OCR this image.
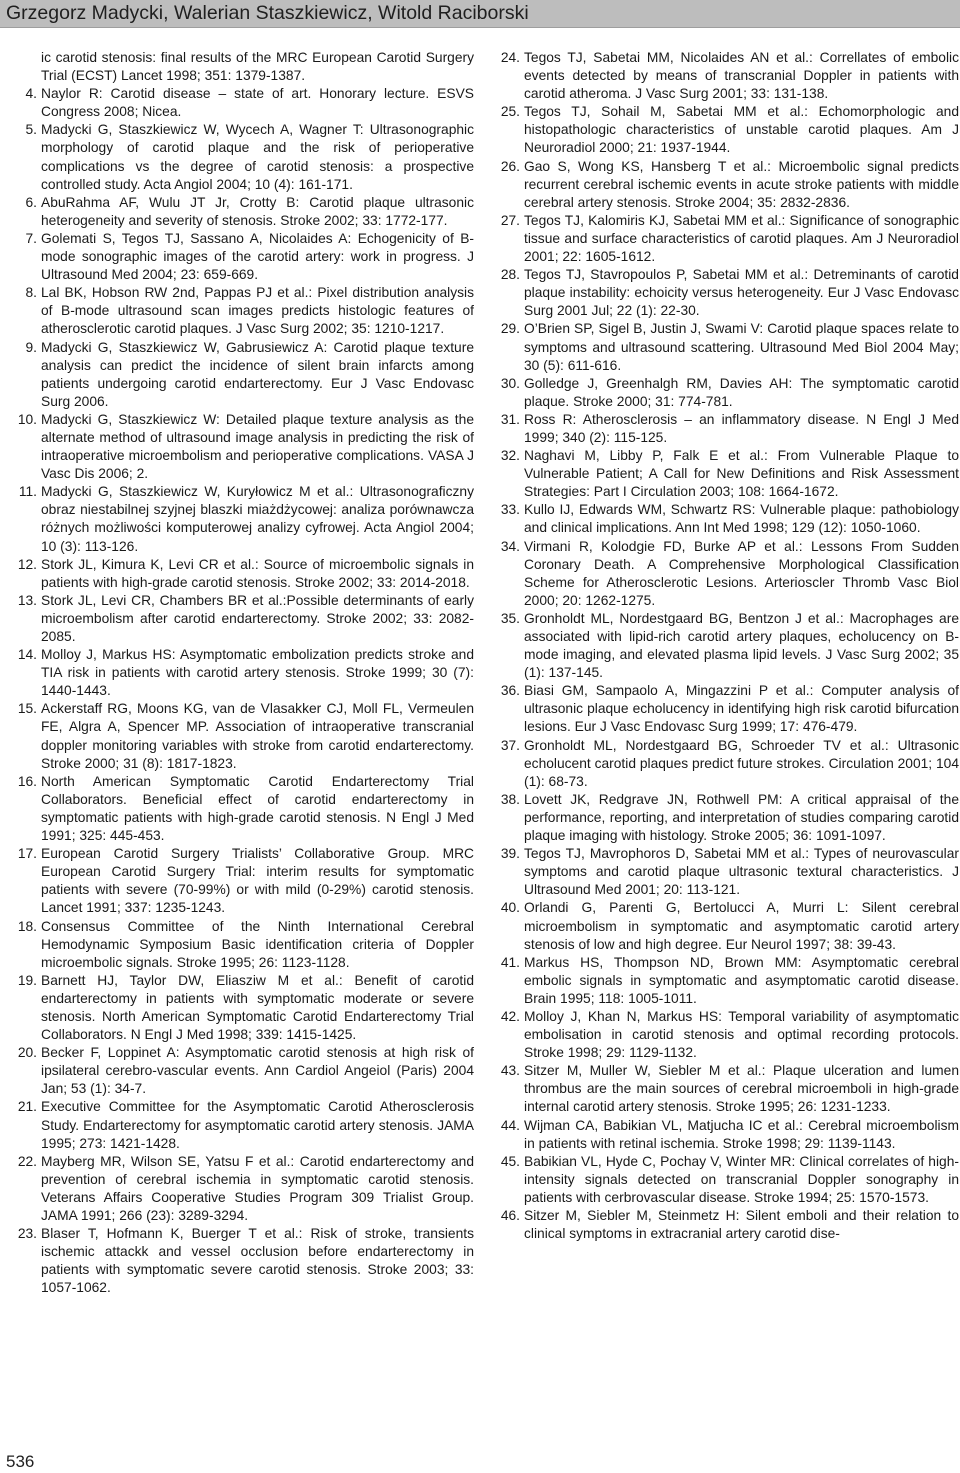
Grzegorz Madycki, Walerian Staszkiewicz, Witold Raciborski
ic carotid stenosis: final results of the MRC European Carotid Surgery Trial (ECST) Lancet 1998; 351: 1379-1387.
4. Naylor R: Carotid disease – state of art. Honorary lecture. ESVS Congress 2008; Nicea.
5. Madycki G, Staszkiewicz W, Wycech A, Wagner T: Ultrasonographic morphology of carotid plaque and the risk of perioperative complications vs the degree of carotid stenosis: a prospective controlled study. Acta Angiol 2004; 10 (4): 161-171.
6. AbuRahma AF, Wulu JT Jr, Crotty B: Carotid plaque ultrasonic heterogeneity and severity of stenosis. Stroke 2002; 33: 1772-177.
7. Golemati S, Tegos TJ, Sassano A, Nicolaides A: Echogenicity of B-mode sonographic images of the carotid artery: work in progress. J Ultrasound Med 2004; 23: 659-669.
8. Lal BK, Hobson RW 2nd, Pappas PJ et al.: Pixel distribution analysis of B-mode ultrasound scan images predicts histologic features of atherosclerotic carotid plaques. J Vasc Surg 2002; 35: 1210-1217.
9. Madycki G, Staszkiewicz W, Gabrusiewicz A: Carotid plaque texture analysis can predict the incidence of silent brain infarcts among patients undergoing carotid endarterectomy. Eur J Vasc Endovasc Surg 2006.
10. Madycki G, Staszkiewicz W: Detailed plaque texture analysis as the alternate method of ultrasound image analysis in predicting the risk of intraoperative microembolism and perioperative complications. VASA J Vasc Dis 2006; 2.
11. Madycki G, Staszkiewicz W, Kuryłowicz M et al.: Ultrasonograficzny obraz niestabilnej szyjnej blaszki miażdżycowej: analiza porównawcza różnych możliwości komputerowej analizy cyfrowej. Acta Angiol 2004; 10 (3): 113-126.
12. Stork JL, Kimura K, Levi CR et al.: Source of microembolic signals in patients with high-grade carotid stenosis. Stroke 2002; 33: 2014-2018.
13. Stork JL, Levi CR, Chambers BR et al.:Possible determinants of early microembolism after carotid endarterectomy. Stroke 2002; 33: 2082-2085.
14. Molloy J, Markus HS: Asymptomatic embolization predicts stroke and TIA risk in patients with carotid artery stenosis. Stroke 1999; 30 (7): 1440-1443.
15. Ackerstaff RG, Moons KG, van de Vlasakker CJ, Moll FL, Vermeulen FE, Algra A, Spencer MP. Association of intraoperative transcranial doppler monitoring variables with stroke from carotid endarterectomy. Stroke 2000; 31 (8): 1817-1823.
16. North American Symptomatic Carotid Endarterectomy Trial Collaborators. Beneficial effect of carotid endarterectomy in symptomatic patients with high-grade carotid stenosis. N Engl J Med 1991; 325: 445-453.
17. European Carotid Surgery Trialists’ Collaborative Group. MRC European Carotid Surgery Trial: interim results for symptomatic patients with severe (70-99%) or with mild (0-29%) carotid stenosis. Lancet 1991; 337: 1235-1243.
18. Consensus Committee of the Ninth International Cerebral Hemodynamic Symposium Basic identification criteria of Doppler microembolic signals. Stroke 1995; 26: 1123-1128.
19. Barnett HJ, Taylor DW, Eliasziw M et al.: Benefit of carotid endarterectomy in patients with symptomatic moderate or severe stenosis. North American Symptomatic Carotid Endarterectomy Trial Collaborators. N Engl J Med 1998; 339: 1415-1425.
20. Becker F, Loppinet A: Asymptomatic carotid stenosis at high risk of ipsilateral cerebro-vascular events. Ann Cardiol Angeiol (Paris) 2004 Jan; 53 (1): 34-7.
21. Executive Committee for the Asymptomatic Carotid Atherosclerosis Study. Endarterectomy for asymptomatic carotid artery stenosis. JAMA 1995; 273: 1421-1428.
22. Mayberg MR, Wilson SE, Yatsu F et al.: Carotid endarterectomy and prevention of cerebral ischemia in symptomatic carotid stenosis. Veterans Affairs Cooperative Studies Program 309 Trialist Group. JAMA 1991; 266 (23): 3289-3294.
23. Blaser T, Hofmann K, Buerger T et al.: Risk of stroke, transients ischemic attackk and vessel occlusion before endarterectomy in patients with symptomatic severe carotid stenosis. Stroke 2003; 33: 1057-1062.
24. Tegos TJ, Sabetai MM, Nicolaides AN et al.: Correllates of embolic events detected by means of transcranial Doppler in patients with carotid atheroma. J Vasc Surg 2001; 33: 131-138.
25. Tegos TJ, Sohail M, Sabetai MM et al.: Echomorphologic and histopathologic characteristics of unstable carotid plaques. Am J Neuroradiol 2000; 21: 1937-1944.
26. Gao S, Wong KS, Hansberg T et al.: Microembolic signal predicts recurrent cerebral ischemic events in acute stroke patients with middle cerebral artery stenosis. Stroke 2004; 35: 2832-2836.
27. Tegos TJ, Kalomiris KJ, Sabetai MM et al.: Significance of sonographic tissue and surface characteristics of carotid plaques. Am J Neuroradiol 2001; 22: 1605-1612.
28. Tegos TJ, Stavropoulos P, Sabetai MM et al.: Detreminants of carotid plaque instability: echoicity versus heterogeneity. Eur J Vasc Endovasc Surg 2001 Jul; 22 (1): 22-30.
29. O’Brien SP, Sigel B, Justin J, Swami V: Carotid plaque spaces relate to symptoms and ultrasound scattering. Ultrasound Med Biol 2004 May; 30 (5): 611-616.
30. Golledge J, Greenhalgh RM, Davies AH: The symptomatic carotid plaque. Stroke 2000; 31: 774-781.
31. Ross R: Atherosclerosis – an inflammatory disease. N Engl J Med 1999; 340 (2): 115-125.
32. Naghavi M, Libby P, Falk E et al.: From Vulnerable Plaque to Vulnerable Patient; A Call for New Definitions and Risk Assessment Strategies: Part I Circulation 2003; 108: 1664-1672.
33. Kullo IJ, Edwards WM, Schwartz RS: Vulnerable plaque: pathobiology and clinical implications. Ann Int Med 1998; 129 (12): 1050-1060.
34. Virmani R, Kolodgie FD, Burke AP et al.: Lessons From Sudden Coronary Death. A Comprehensive Morphological Classification Scheme for Atherosclerotic Lesions. Arterioscler Thromb Vasc Biol 2000; 20: 1262-1275.
35. Gronholdt ML, Nordestgaard BG, Bentzon J et al.: Macrophages are associated with lipid-rich carotid artery plaques, echolucency on B-mode imaging, and elevated plasma lipid levels. J Vasc Surg 2002; 35 (1): 137-145.
36. Biasi GM, Sampaolo A, Mingazzini P et al.: Computer analysis of ultrasonic plaque echolucency in identifying high risk carotid bifurcation lesions. Eur J Vasc Endovasc Surg 1999; 17: 476-479.
37. Gronholdt ML, Nordestgaard BG, Schroeder TV et al.: Ultrasonic echolucent carotid plaques predict future strokes. Circulation 2001; 104 (1): 68-73.
38. Lovett JK, Redgrave JN, Rothwell PM: A critical appraisal of the performance, reporting, and interpretation of studies comparing carotid plaque imaging with histology. Stroke 2005; 36: 1091-1097.
39. Tegos TJ, Mavrophoros D, Sabetai MM et al.: Types of neurovascular symptoms and carotid plaque ultrasonic textural characteristics. J Ultrasound Med 2001; 20: 113-121.
40. Orlandi G, Parenti G, Bertolucci A, Murri L: Silent cerebral microembolism in symptomatic and asymptomatic carotid artery stenosis of low and high degree. Eur Neurol 1997; 38: 39-43.
41. Markus HS, Thompson ND, Brown MM: Asymptomatic cerebral embolic signals in symptomatic and asymptomatic carotid disease. Brain 1995; 118: 1005-1011.
42. Molloy J, Khan N, Markus HS: Temporal variability of asymptomatic embolisation in carotid stenosis and optimal recording protocols. Stroke 1998; 29: 1129-1132.
43. Sitzer M, Muller W, Siebler M et al.: Plaque ulceration and lumen thrombus are the main sources of cerebral microemboli in high-grade internal carotid artery stenosis. Stroke 1995; 26: 1231-1233.
44. Wijman CA, Babikian VL, Matjucha IC et al.: Cerebral microembolism in patients with retinal ischemia. Stroke 1998; 29: 1139-1143.
45. Babikian VL, Hyde C, Pochay V, Winter MR: Clinical correlates of high-intensity signals detected on transcranial Doppler sonography in patients with cerbrovascular disease. Stroke 1994; 25: 1570-1573.
46. Sitzer M, Siebler M, Steinmetz H: Silent emboli and their relation to clinical symptoms in extracranial artery carotid dise-
536
